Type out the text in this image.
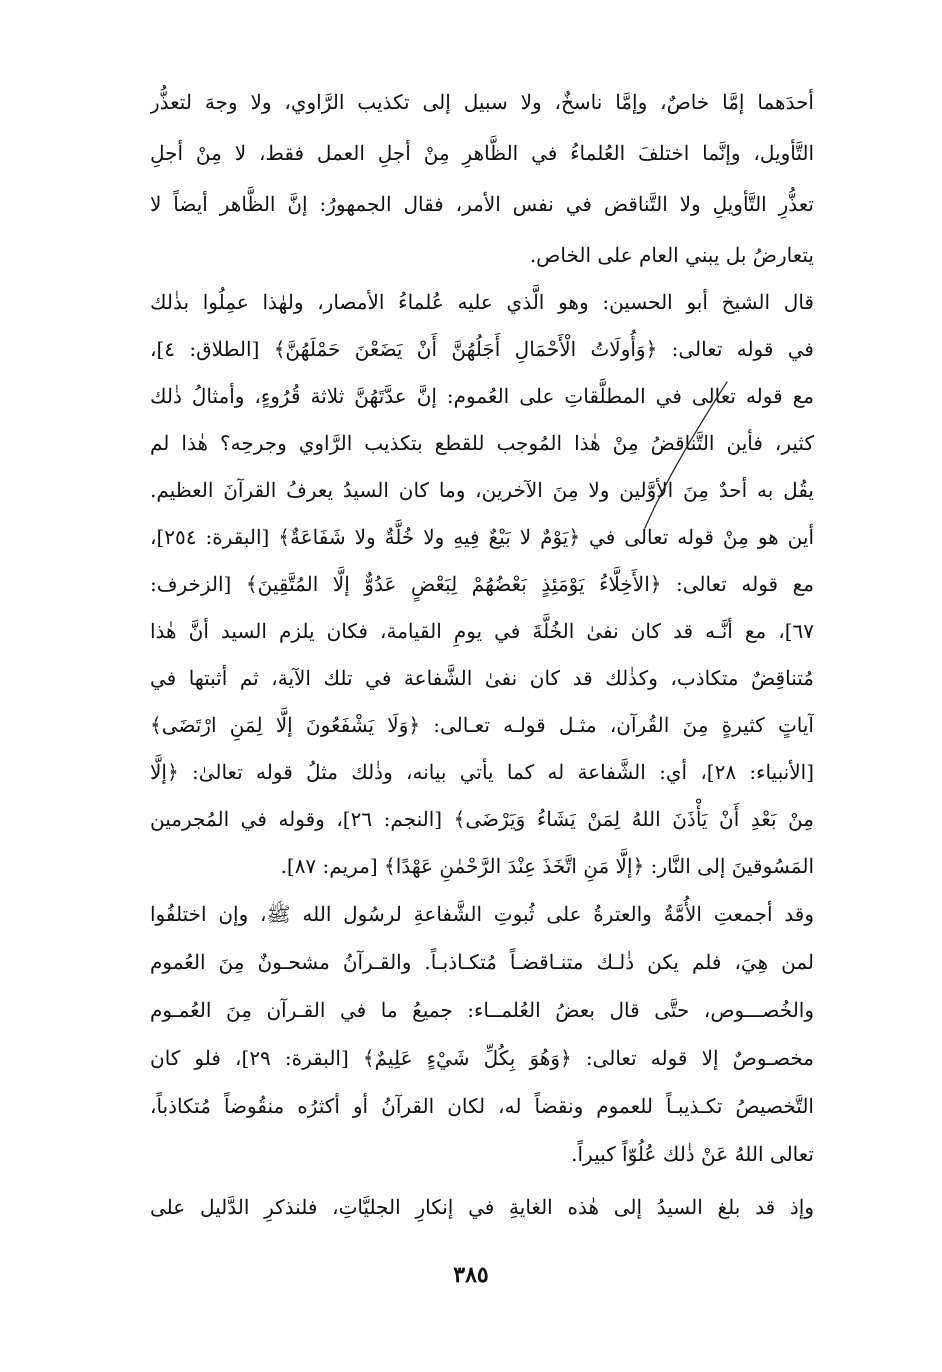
أحدَهما إمَّا خاصٌ، وإمَّا ناسخٌ، ولا سبيل إلى تكذيب الرَّاوي، ولا وجهَ لتعذُّر
التَّأويل، وإنَّما اختلفَ العُلماءُ في الظَّاهرِ مِنْ أجلِ العمل فقط، لا مِنْ أجلِ
تعذُّرِ التَّأويلِ ولا التَّناقض في نفس الأمر، فقال الجمهورُ: إنَّ الظَّاهر أيضاً لا
يتعارضُ بل يبني العام على الخاص.
قال الشيخ أبو الحسين: وهو الَّذي عليه عُلماءُ الأمصار، ولهٰذا عمِلُوا بذٰلك
في قوله تعالى: ﴿وَأُولَاتُ الْأَحْمَالِ أَجَلُهُنَّ أَنْ يَضَعْنَ حَمْلَهُنَّ﴾ [الطلاق: ٤]،
مع قوله تعالى في المطلَّقاتِ على العُموم: إنَّ عدَّتَهُنَّ ثلاثة قُرُوءٍ، وأمثالُ ذٰلك
كثير، فأين التَّناقضُ مِنْ هٰذا المُوجب للقطع بتكذيب الرَّاوي وجرحِه؟ هٰذا لم
يقُل به أحدٌ مِنَ الأوَّلين ولا مِنَ الآخرين، وما كان السيدُ يعرفُ القرآنَ العظيم.
أين هو مِنْ قوله تعالى في ﴿يَوْمٌ لا بَيْعٌ فِيهِ ولا خُلَّةٌ ولا شَفَاعَةٌ﴾ [البقرة: ٢٥٤]،
مع قوله تعالى: ﴿الأَخِلَّاءُ يَوْمَئِذٍ بَعْضُهُمْ لِبَعْضٍ عَدُوٌّ إلَّا المُتَّقِينَ﴾ [الزخرف:
٦٧]، مع أنَّـه قد كان نفىٰ الخُلَّةَ في يومِ القيامة، فكان يلزم السيد أنَّ هٰذا
مُتناقِضٌ متكاذب، وكذٰلك قد كان نفىٰ الشَّفاعة في تلك الآية، ثم أثبتها في
آياتٍ كثيرةٍ مِنَ القُرآن، مثـل قولـه تعـالى: ﴿وَلَا يَشْفَعُونَ إلَّا لِمَنِ ارْتَضَى﴾
[الأنبياء: ٢٨]، أي: الشَّفاعة له كما يأتي بيانه، وذٰلك مثلُ قوله تعالىٰ: ﴿إلَّا
مِنْ بَعْدِ أَنْ يَأْذَنَ اللهُ لِمَنْ يَشَاءُ وَيَرْضَى﴾ [النجم: ٢٦]، وقوله في المُجرمين
المَسُوقينَ إلى النَّار: ﴿إلَّا مَنِ اتَّخَذَ عِنْدَ الرَّحْمٰنِ عَهْدًا﴾ [مريم: ٨٧].
وقد أجمعتِ الأُمَّةُ والعترةُ على ثُبوتِ الشَّفاعةِ لرسُول الله ﷺ، وإن اختلفُوا
لمن هِيَ، فلم يكن ذٰلـك متنـاقضـاً مُتكـاذبـاً. والقـرآنُ مشحـونٌ مِنَ العُموم
والخُصـــوص، حتَّى قال بعضُ العُلمــاء: جميعُ ما في القـرآن مِنَ العُمـوم
مخصـوصٌ إلا قوله تعالى: ﴿وَهُوَ بِكُلِّ شَيْءٍ عَلِيمٌ﴾ [البقرة: ٢٩]، فلو كان
التَّخصيصُ تكـذيبـاً للعموم ونقضاً له، لكان القرآنُ أو أكثرُه منقُوضاً مُتكاذباً،
تعالى اللهُ عَنْ ذٰلك عُلُوّاً كبيراً.
وإذ قد بلغ السيدُ إلى هٰذه الغايةِ في إنكارِ الجليَّاتِ، فلنذكرِ الدَّليل على
٣٨٥
